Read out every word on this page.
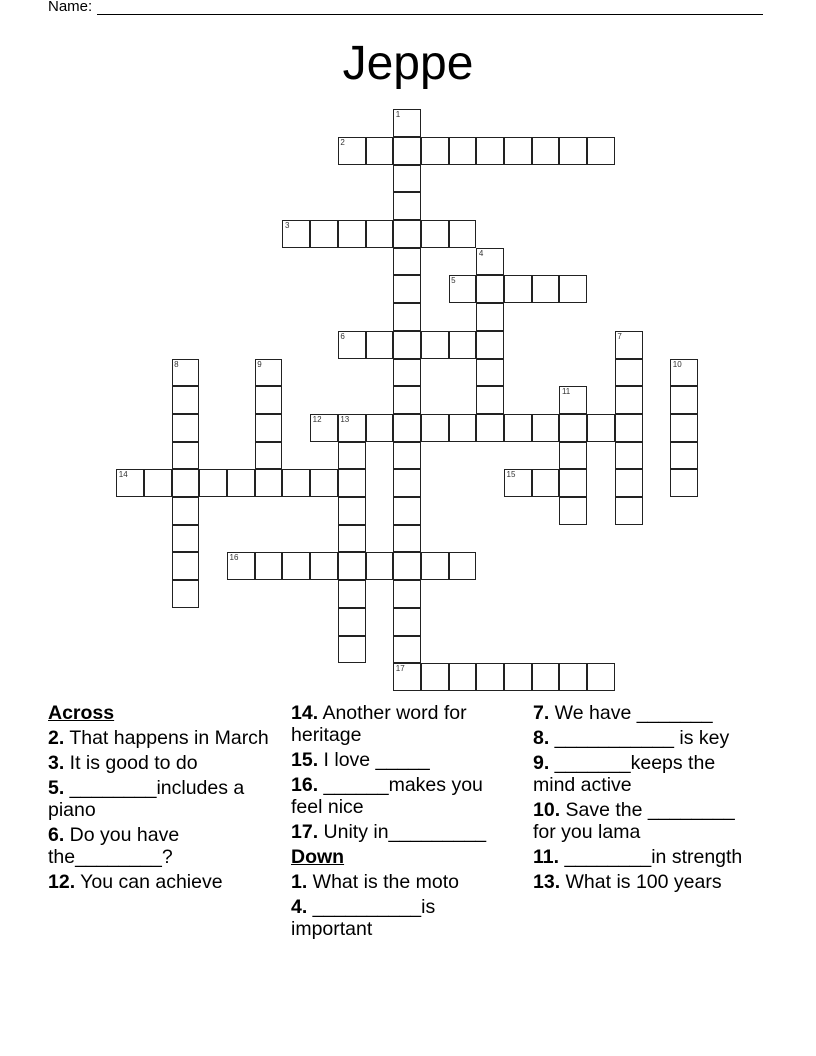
Name:
Jeppe
1
17
2
3
4
5
6	7
8	9	10
11
12 13
14	15
16
Across
2. That happens in March
3. It is good to do
5. ________includes a piano
6. Do you have the________?
12. You can achieve
14. Another word for heritage
15. I love _____
16. ______makes you feel nice
17. Unity in_________
Down
1. What is the moto
4. __________is important
7. We have _______
8. ___________ is key
9. _______keeps the mind active
10. Save the ________ for you lama
11. ________in strength
13. What is 100 years
